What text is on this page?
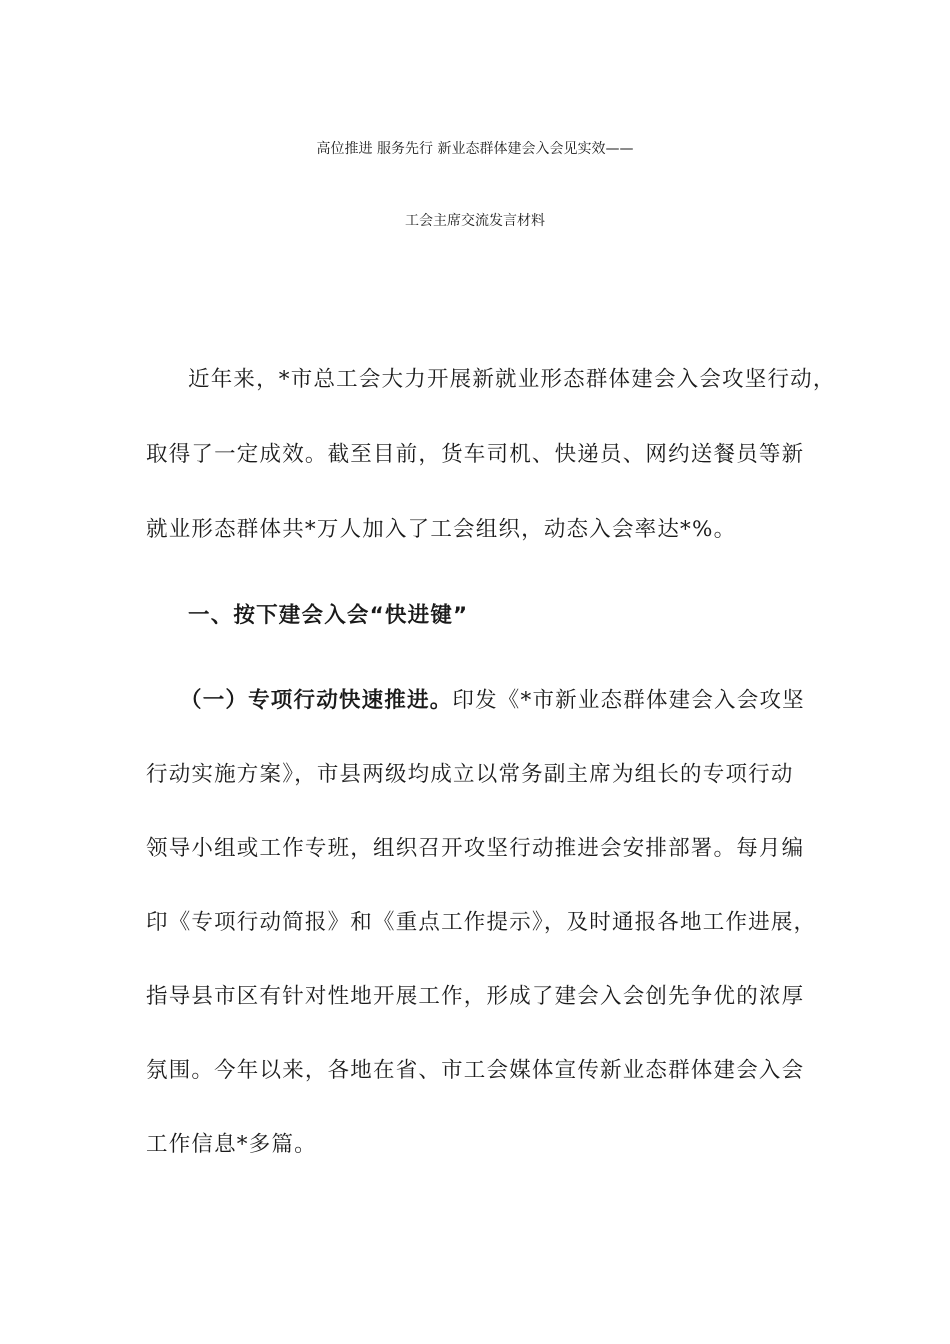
高位推进 服务先行 新业态群体建会入会见实效——
工会主席交流发言材料
近年来，*市总工会大力开展新就业形态群体建会入会攻坚行动，
取得了一定成效。截至目前，货车司机、快递员、网约送餐员等新
就业形态群体共*万人加入了工会组织，动态入会率达*%。
一、按下建会入会“快进键”
（一）专项行动快速推进。印发《*市新业态群体建会入会攻坚
行动实施方案》，市县两级均成立以常务副主席为组长的专项行动
领导小组或工作专班，组织召开攻坚行动推进会安排部署。每月编
印《专项行动简报》和《重点工作提示》，及时通报各地工作进展，
指导县市区有针对性地开展工作，形成了建会入会创先争优的浓厚
氛围。今年以来，各地在省、市工会媒体宣传新业态群体建会入会
工作信息*多篇。
